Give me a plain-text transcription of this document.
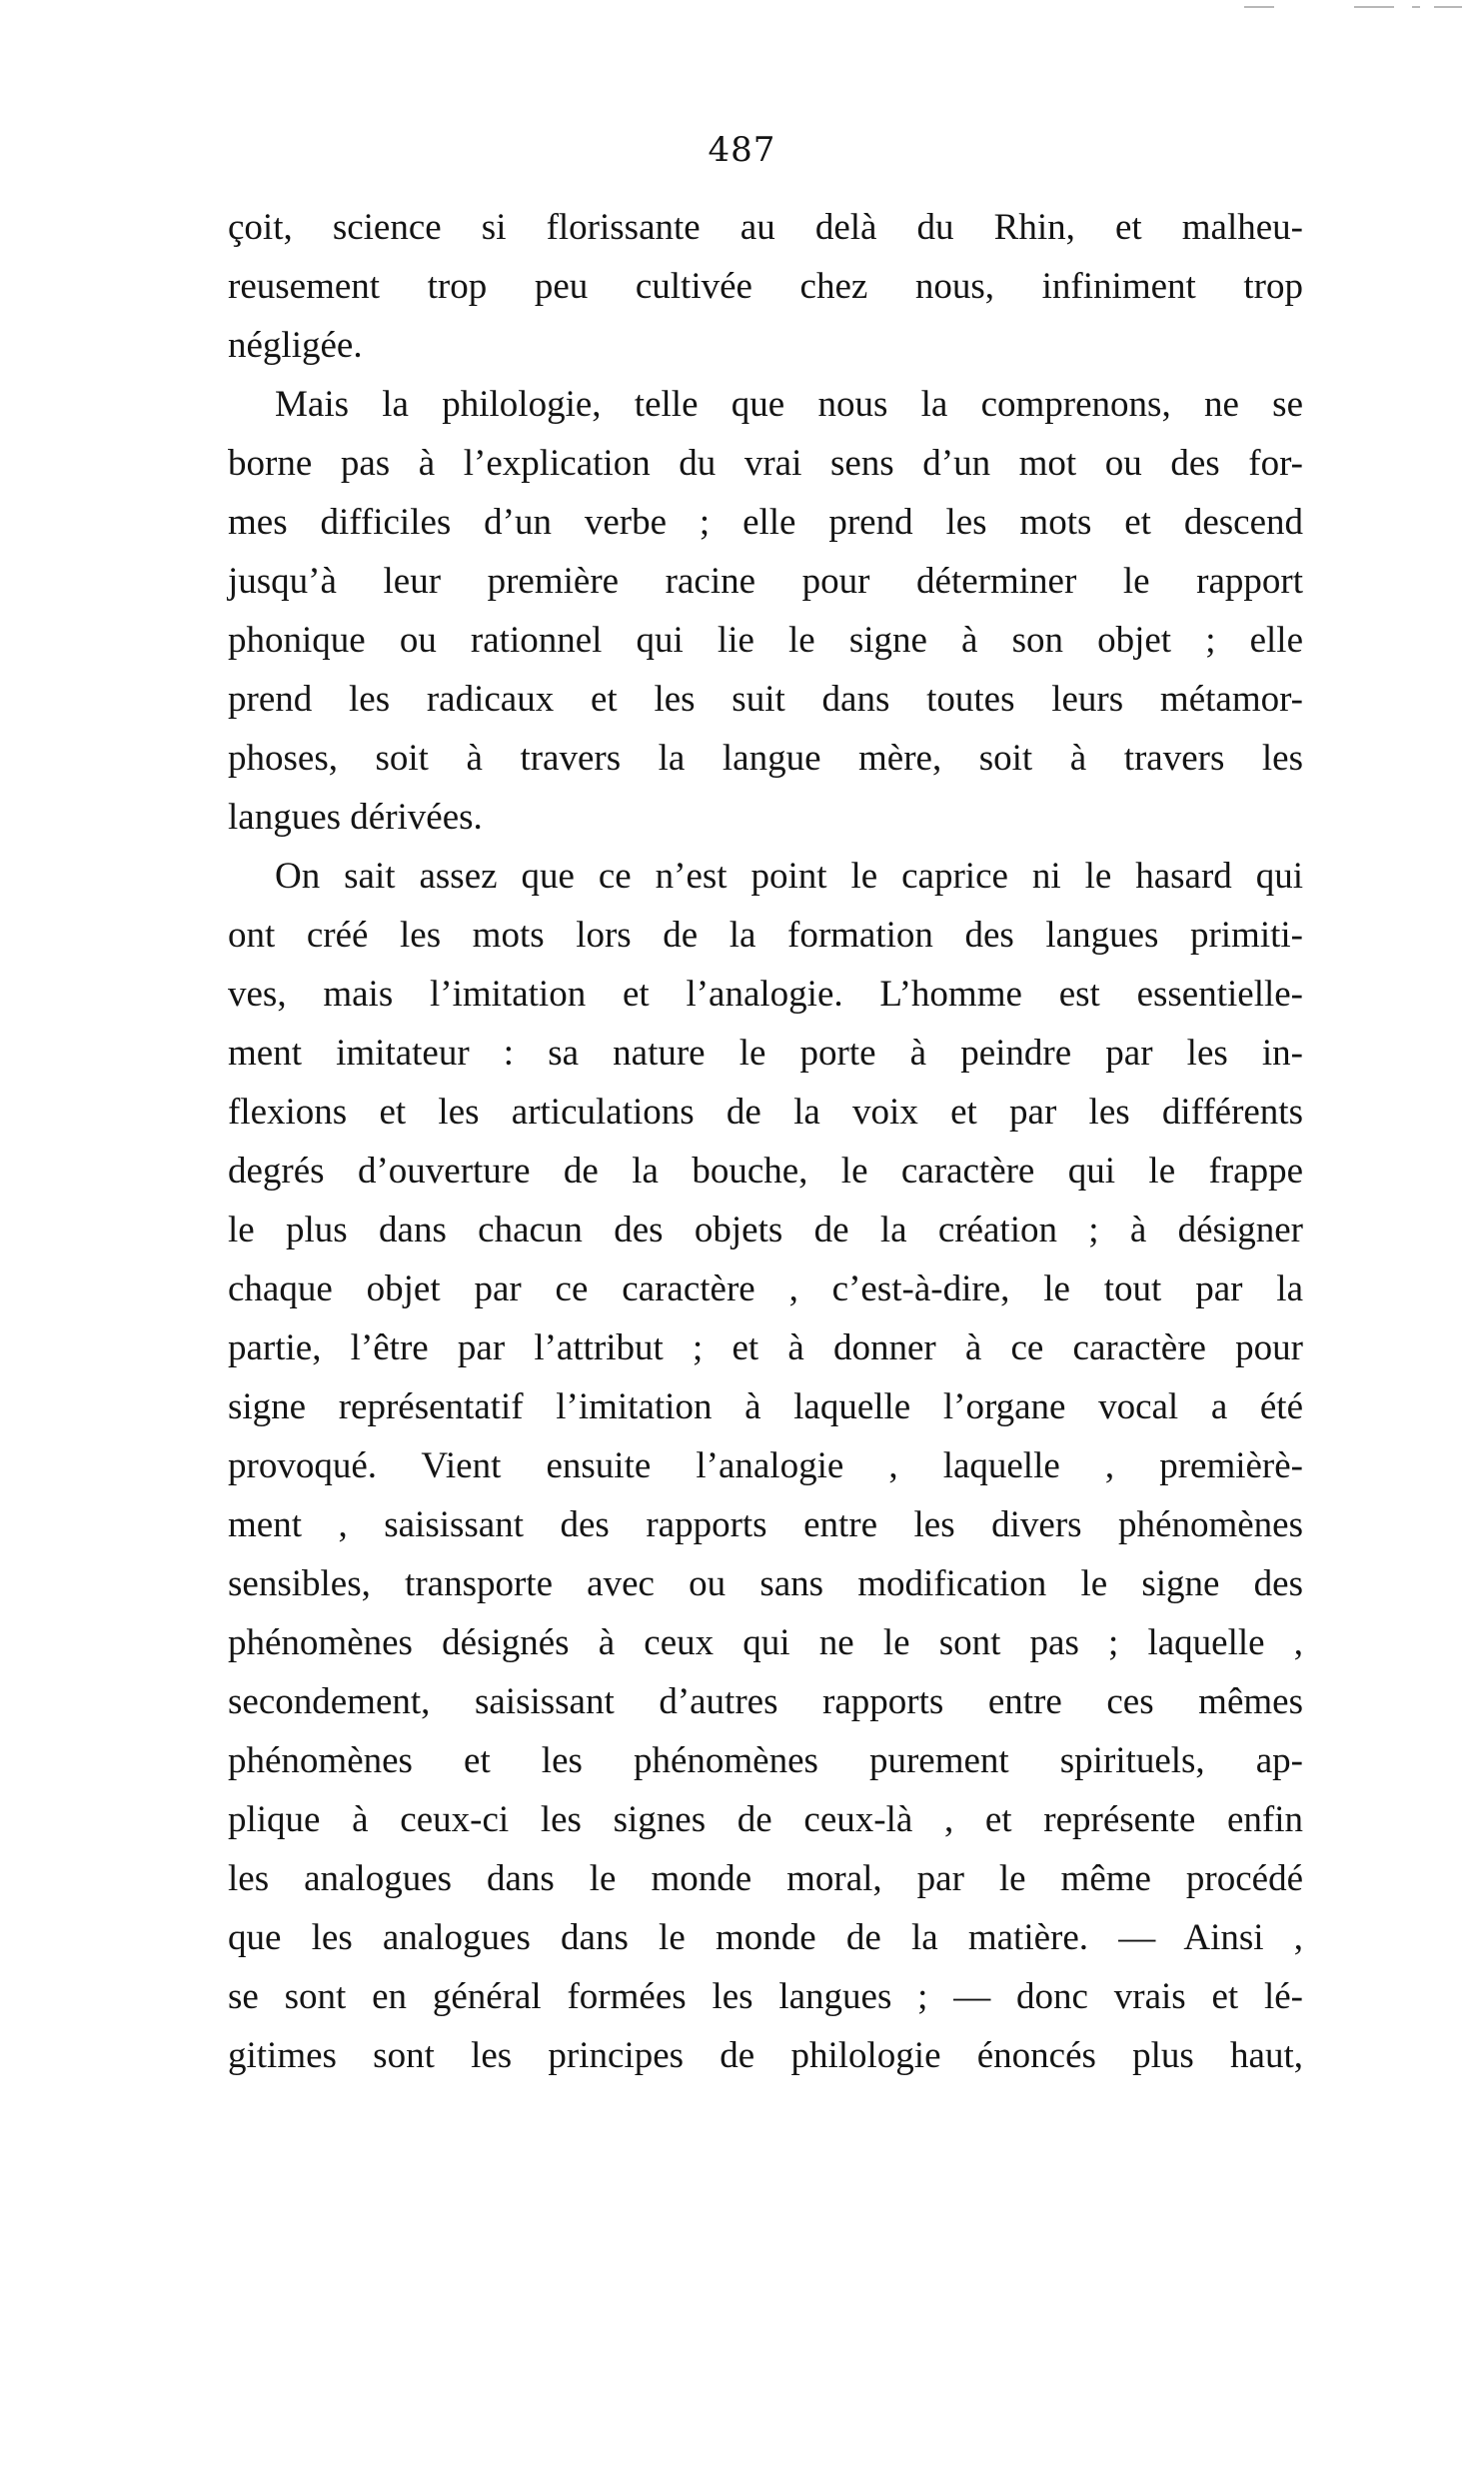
487
çoit, science si florissante au delà du Rhin, et malheu-
reusement trop peu cultivée chez nous, infiniment trop
négligée.
Mais la philologie, telle que nous la comprenons, ne se
borne pas à l’explication du vrai sens d’un mot ou des for-
mes difficiles d’un verbe ; elle prend les mots et descend
jusqu’à leur première racine pour déterminer le rapport
phonique ou rationnel qui lie le signe à son objet ; elle
prend les radicaux et les suit dans toutes leurs métamor-
phoses, soit à travers la langue mère, soit à travers les
langues dérivées.
On sait assez que ce n’est point le caprice ni le hasard qui
ont créé les mots lors de la formation des langues primiti-
ves, mais l’imitation et l’analogie. L’homme est essentielle-
ment imitateur : sa nature le porte à peindre par les in-
flexions et les articulations de la voix et par les différents
degrés d’ouverture de la bouche, le caractère qui le frappe
le plus dans chacun des objets de la création ; à désigner
chaque objet par ce caractère , c’est-à-dire, le tout par la
partie, l’être par l’attribut ; et à donner à ce caractère pour
signe représentatif l’imitation à laquelle l’organe vocal a été
provoqué. Vient ensuite l’analogie , laquelle , premièrè-
ment , saisissant des rapports entre les divers phénomènes
sensibles, transporte avec ou sans modification le signe des
phénomènes désignés à ceux qui ne le sont pas ; laquelle ,
secondement, saisissant d’autres rapports entre ces mêmes
phénomènes et les phénomènes purement spirituels, ap-
plique à ceux-ci les signes de ceux-là , et représente enfin
les analogues dans le monde moral, par le même procédé
que les analogues dans le monde de la matière. — Ainsi ,
se sont en général formées les langues ; — donc vrais et lé-
gitimes sont les principes de philologie énoncés plus haut,
